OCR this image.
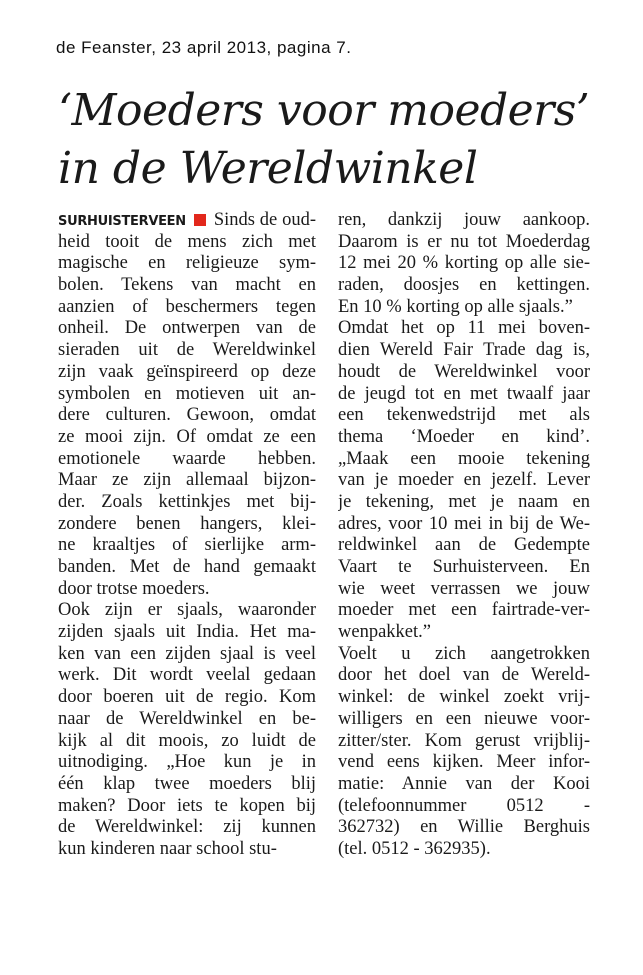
de Feanster, 23 april 2013, pagina 7.
‘Moeders voor moeders’
in de Wereldwinkel
SURHUISTERVEEN Sinds de oud-
heid tooit de mens zich met
magische en religieuze sym-
bolen. Tekens van macht en
aanzien of beschermers tegen
onheil. De ontwerpen van de
sieraden uit de Wereldwinkel
zijn vaak geïnspireerd op deze
symbolen en motieven uit an-
dere culturen. Gewoon, omdat
ze mooi zijn. Of omdat ze een
emotionele waarde hebben.
Maar ze zijn allemaal bijzon-
der. Zoals kettinkjes met bij-
zondere benen hangers, klei-
ne kraaltjes of sierlijke arm-
banden. Met de hand gemaakt
door trotse moeders.
Ook zijn er sjaals, waaronder
zijden sjaals uit India. Het ma-
ken van een zijden sjaal is veel
werk. Dit wordt veelal gedaan
door boeren uit de regio. Kom
naar de Wereldwinkel en be-
kijk al dit moois, zo luidt de
uitnodiging. „Hoe kun je in
één klap twee moeders blij
maken? Door iets te kopen bij
de Wereldwinkel: zij kunnen
kun kinderen naar school stu-
ren, dankzij jouw aankoop.
Daarom is er nu tot Moederdag
12 mei 20 % korting op alle sie-
raden, doosjes en kettingen.
En 10 % korting op alle sjaals.”
Omdat het op 11 mei boven-
dien Wereld Fair Trade dag is,
houdt de Wereldwinkel voor
de jeugd tot en met twaalf jaar
een tekenwedstrijd met als
thema ‘Moeder en kind’.
„Maak een mooie tekening
van je moeder en jezelf. Lever
je tekening, met je naam en
adres, voor 10 mei in bij de We-
reldwinkel aan de Gedempte
Vaart te Surhuisterveen. En
wie weet verrassen we jouw
moeder met een fairtrade-ver-
wenpakket.”
Voelt u zich aangetrokken
door het doel van de Wereld-
winkel: de winkel zoekt vrij-
willigers en een nieuwe voor-
zitter/ster. Kom gerust vrijblij-
vend eens kijken. Meer infor-
matie: Annie van der Kooi
(telefoonnummer 0512 -
362732) en Willie Berghuis
(tel. 0512 - 362935).
